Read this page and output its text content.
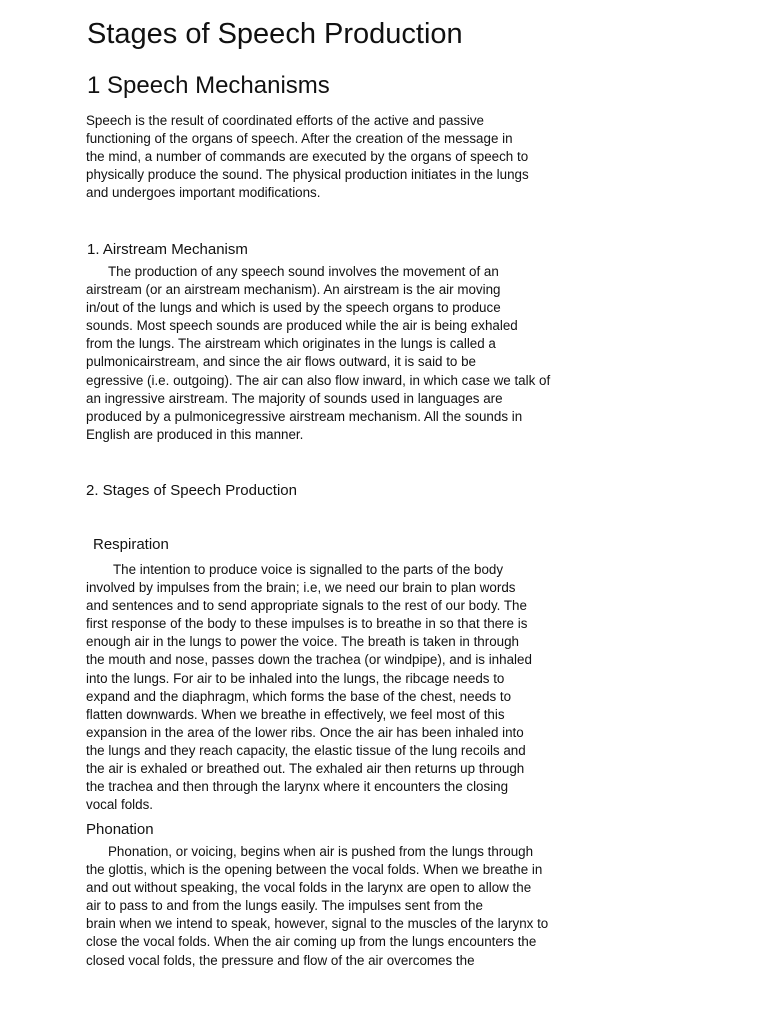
Stages of Speech Production
1 Speech Mechanisms

Speech is the result of coordinated efforts of the active and passive
functioning of the organs of speech. After the creation of the message in
the mind, a number of commands are executed by the organs of speech to
physically produce the sound. The physical production initiates in the lungs
and undergoes important modifications.

1. Airstream Mechanism

The production of any speech sound involves the movement of an
airstream (or an airstream mechanism). An airstream is the air moving
in/out of the lungs and which is used by the speech organs to produce
sounds. Most speech sounds are produced while the air is being exhaled
from the lungs. The airstream which originates in the lungs is called a
pulmonicairstream, and since the air flows outward, it is said to be
egressive (i.e. outgoing). The air can also flow inward, in which case we talk of
an ingressive airstream. The majority of sounds used in languages are
produced by a pulmonicegressive airstream mechanism. All the sounds in
English are produced in this manner.

2. Stages of Speech Production
Respiration

The intention to produce voice is signalled to the parts of the body
involved by impulses from the brain; i.e, we need our brain to plan words
and sentences and to send appropriate signals to the rest of our body. The
first response of the body to these impulses is to breathe in so that there is
enough air in the lungs to power the voice. The breath is taken in through
the mouth and nose, passes down the trachea (or windpipe), and is inhaled
into the lungs. For air to be inhaled into the lungs, the ribcage needs to
expand and the diaphragm, which forms the base of the chest, needs to
flatten downwards. When we breathe in effectively, we feel most of this
expansion in the area of the lower ribs. Once the air has been inhaled into
the lungs and they reach capacity, the elastic tissue of the lung recoils and
the air is exhaled or breathed out. The exhaled air then returns up through
the trachea and then through the larynx where it encounters the closing
vocal folds.

Phonation

Phonation, or voicing, begins when air is pushed from the lungs through
the glottis, which is the opening between the vocal folds. When we breathe in
and out without speaking, the vocal folds in the larynx are open to allow the
air to pass to and from the lungs easily. The impulses sent from the
brain when we intend to speak, however, signal to the muscles of the larynx to
close the vocal folds. When the air coming up from the lungs encounters the
closed vocal folds, the pressure and flow of the air overcomes the
